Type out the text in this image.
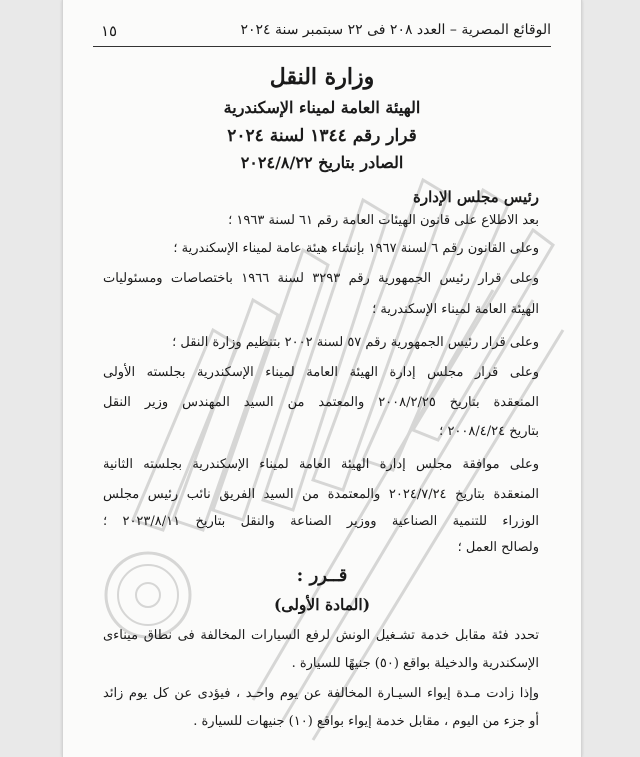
الوقائع المصرية – العدد ٢٠٨ فى ٢٢ سبتمبر سنة ٢٠٢٤
١٥
وزارة النقل
الهيئة العامة لميناء الإسكندرية
قرار رقم ١٣٤٤ لسنة ٢٠٢٤
الصادر بتاريخ ٢٠٢٤/٨/٢٢
رئيس مجلس الإدارة
بعد الاطلاع على قانون الهيئات العامة رقم ٦١ لسنة ١٩٦٣ ؛
وعلى القانون رقم ٦ لسنة ١٩٦٧ بإنشاء هيئة عامة لميناء الإسكندرية ؛
وعلى قرار رئيس الجمهورية رقم ٣٢٩٣ لسنة ١٩٦٦ باختصاصات ومسئوليات
الهيئة العامة لميناء الإسكندرية ؛
وعلى قرار رئيس الجمهورية رقم ٥٧ لسنة ٢٠٠٢ بتنظيم وزارة النقل ؛
وعلى قرار مجلس إدارة الهيئة العامة لميناء الإسكندرية بجلسته الأولى
المنعقدة بتاريخ ٢٠٠٨/٢/٢٥ والمعتمد من السيد المهندس وزير النقل
بتاريخ ٢٠٠٨/٤/٢٤ ؛
وعلى موافقة مجلس إدارة الهيئة العامة لميناء الإسكندرية بجلسته الثانية
المنعقدة بتاريخ ٢٠٢٤/٧/٢٤ والمعتمدة من السيد الفريق نائب رئيس مجلس
الوزراء للتنمية الصناعية ووزير الصناعة والنقل بتاريخ ٢٠٢٣/٨/١١ ؛
ولصالح العمل ؛
قــرر :
(المادة الأولى)
تحدد فئة مقابل خدمة تشـغيل الونش لرفع السيارات المخالفة فى نطاق ميناءى
الإسكندرية والدخيلة بواقع (٥٠) جنيهًا للسيارة .
وإذا زادت مـدة إيواء السيـارة المخالفة عن يوم واحـد ، فيؤدى عن كل يوم زائد
أو جزء من اليوم ، مقابل خدمة إيواء بواقع (١٠) جنيهات للسيارة .
